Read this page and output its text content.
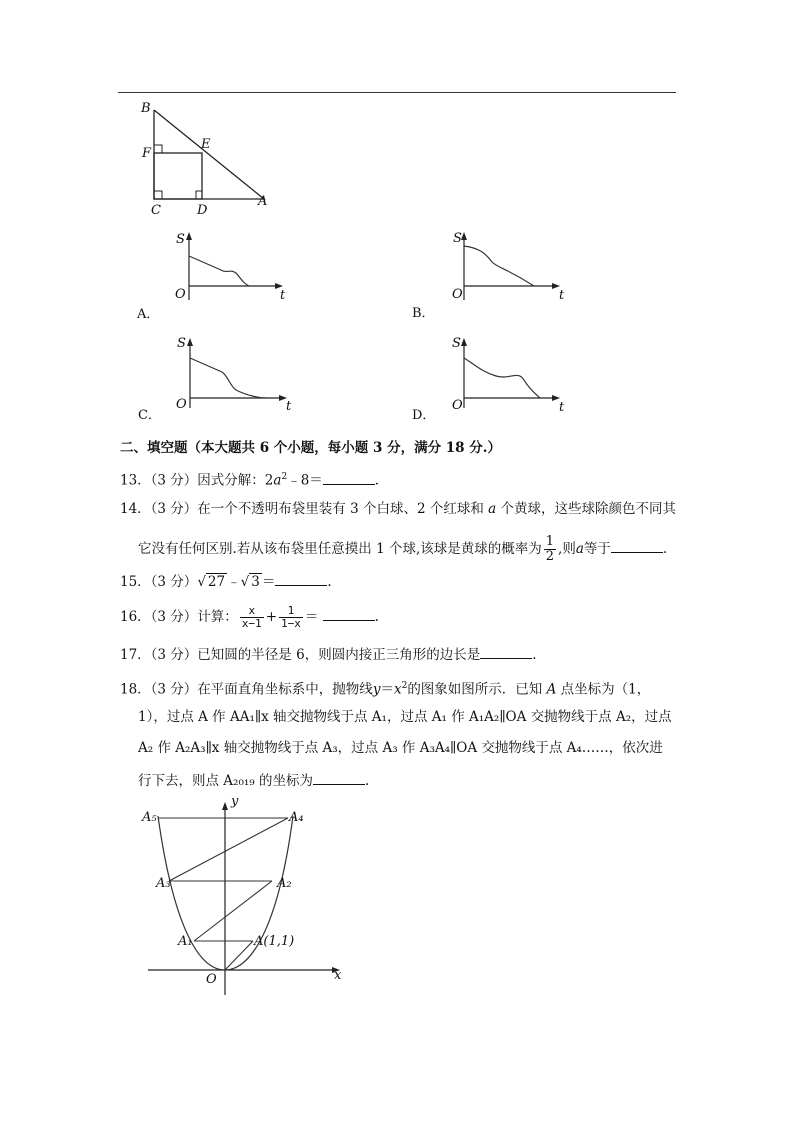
B
F
E
C	D
A
S
O	t
A．
S
O	t
B．
S
O	t
C．
S
O	t
D．
二、填空题（本大题共 6 个小题，每小题 3 分，满分 18 分.）
13．（3 分）因式分解：$2a^2﹣8=$	.
14．（3 分）在一个不透明布袋里装有 3 个白球、2 个红球和 a 个黄球，这些球除颜色不同其
它没有任何区别.若从该布袋里任意摸出 1 个球,该球是黄球的概率为 $\frac{1}{2}$ ,则a等于	.
15．（3 分）√ 27 ﹣√ 3 ＝	.
16．（3 分）计算： $\frac{x}{x-1} + \frac{1}{1-x}$ ＝	.
17．（3 分）已知圆的半径是 6，则圆内接正三角形的边长是	.
18．（3 分）在平面直角坐标系中，抛物线$y=x^2$的图象如图所示．已知 A 点坐标为（1，
1），过点 A 作 AA₁∥x 轴交抛物线于点 A₁，过点 A₁ 作 A₁A₂∥OA 交抛物线于点 A₂，过点
A₂ 作 A₂A₃∥x 轴交抛物线于点 A₃，过点 A₃ 作 A₃A₄∥OA 交抛物线于点 A₄……，依次进
行下去，则点 A₂₀₁₉ 的坐标为	.
y
A₅	A₄
A₃	A₂
A₁	A(1,1)
O	x
